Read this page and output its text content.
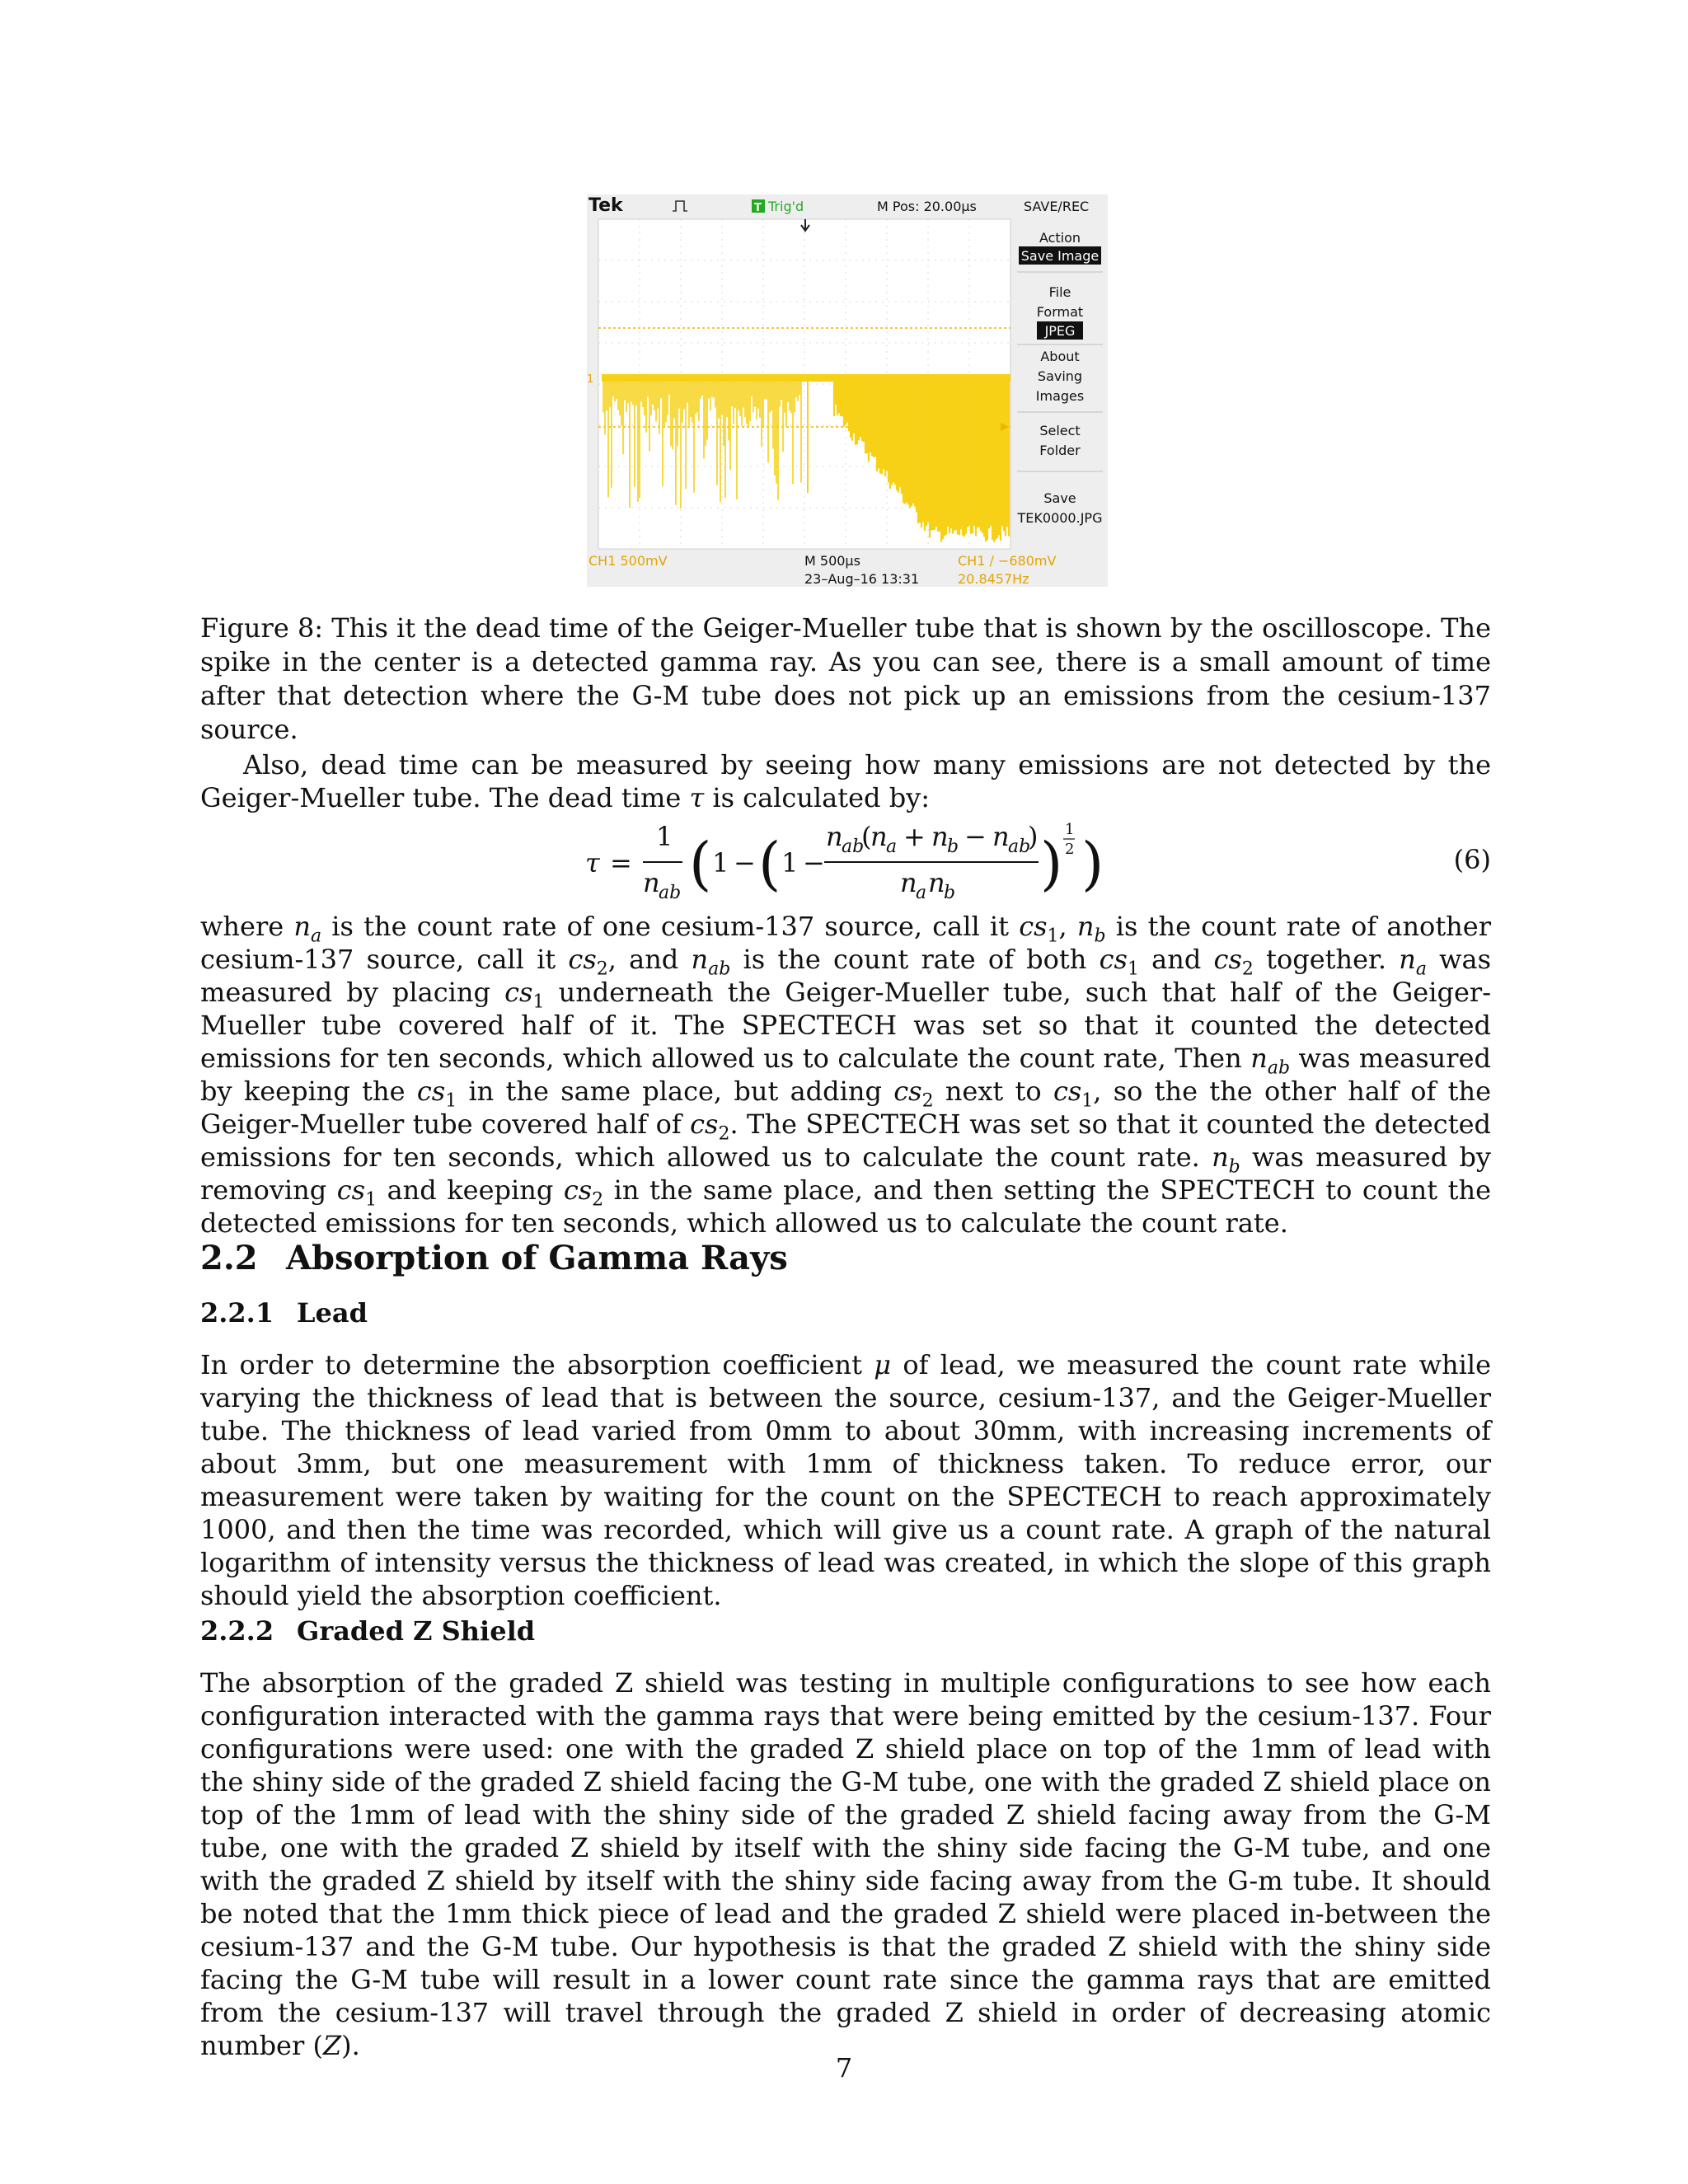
Tek	T Trig'd	M Pos: 20.00µs	SAVE/REC
Action
Save Image
File
Format
JPEG
About
Saving
Images
Select
Folder
Save
TEK0000.JPG
1
CH1 500mV	M 500µs
23–Aug–16 13:31
CH1 ∕ −680mV
20.8457Hz
Figure 8: This it the dead time of the Geiger-Mueller tube that is shown by the oscilloscope. The spike in the center is a detected gamma ray. As you can see, there is a small amount of time after that detection where the G-M tube does not pick up an emissions from the cesium-137 source.
Also, dead time can be measured by seeing how many emissions are not detected by the Geiger-Mueller tube. The dead time τ is calculated by:
τ =
1
n
ab ( 1 − ( 1 −
n
ab
(
n
a + n
b − n
ab
)
n
a n
b )
1
2 )	(6)
where $n_a$ is the count rate of one cesium-137 source, call it $cs_1$, $n_b$ is the count rate of another cesium-137 source, call it $cs_2$, and $n_{ab}$ is the count rate of both $cs_1$ and $cs_2$ together. $n_a$ was measured by placing $cs_1$ underneath the Geiger-Mueller tube, such that half of the Geiger-Mueller tube covered half of it. The SPECTECH was set so that it counted the detected emissions for ten seconds, which allowed us to calculate the count rate, Then $n_{ab}$ was measured by keeping the $cs_1$ in the same place, but adding $cs_2$ next to $cs_1$, so the the other half of the Geiger-Mueller tube covered half of $cs_2$. The SPECTECH was set so that it counted the detected emissions for ten seconds, which allowed us to calculate the count rate. $n_b$ was measured by removing $cs_1$ and keeping $cs_2$ in the same place, and then setting the SPECTECH to count the detected emissions for ten seconds, which allowed us to calculate the count rate.
2.2 Absorption of Gamma Rays
2.2.1 Lead
In order to determine the absorption coefficient μ of lead, we measured the count rate while varying the thickness of lead that is between the source, cesium-137, and the Geiger-Mueller tube. The thickness of lead varied from 0mm to about 30mm, with increasing increments of about 3mm, but one measurement with 1mm of thickness taken. To reduce error, our measurement were taken by waiting for the count on the SPECTECH to reach approximately 1000, and then the time was recorded, which will give us a count rate. A graph of the natural logarithm of intensity versus the thickness of lead was created, in which the slope of this graph should yield the absorption coefficient.
2.2.2 Graded Z Shield
The absorption of the graded Z shield was testing in multiple configurations to see how each configuration interacted with the gamma rays that were being emitted by the cesium-137. Four configurations were used: one with the graded Z shield place on top of the 1mm of lead with the shiny side of the graded Z shield facing the G-M tube, one with the graded Z shield place on top of the 1mm of lead with the shiny side of the graded Z shield facing away from the G-M tube, one with the graded Z shield by itself with the shiny side facing the G-M tube, and one with the graded Z shield by itself with the shiny side facing away from the G-m tube. It should be noted that the 1mm thick piece of lead and the graded Z shield were placed in-between the cesium-137 and the G-M tube. Our hypothesis is that the graded Z shield with the shiny side facing the G-M tube will result in a lower count rate since the gamma rays that are emitted from the cesium-137 will travel through the graded Z shield in order of decreasing atomic number (Z).
7
